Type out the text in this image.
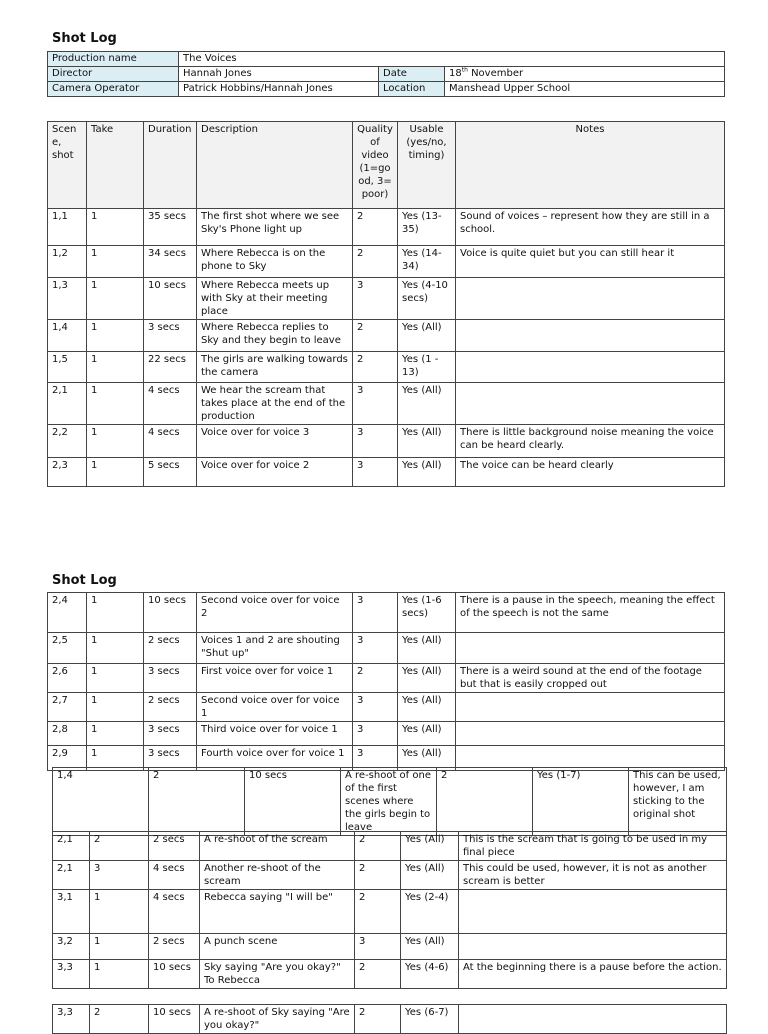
Shot Log
Production name	The Voices		
Director	Hannah Jones	Date	18th November
Camera Operator	Patrick Hobbins/Hannah Jones	Location	Manshead Upper School
Scene, shot	Take	Duration	Description	Quality of video (1=good, 3= poor)	Usable (yes/no, timing)	Notes
1,1	1	35 secs	The first shot where we see Sky's Phone light up	2	Yes (13-35)	Sound of voices – represent how they are still in a school.
1,2	1	34 secs	Where Rebecca is on the phone to Sky	2	Yes (14-34)	Voice is quite quiet but you can still hear it
1,3	1	10 secs	Where Rebecca meets up with Sky at their meeting place	3	Yes (4-10 secs)	
1,4	1	3 secs	Where Rebecca replies to Sky and they begin to leave	2	Yes (All)	
1,5	1	22 secs	The girls are walking towards the camera	2	Yes (1 - 13)	
2,1	1	4 secs	We hear the scream that takes place at the end of the production	3	Yes (All)	
2,2	1	4 secs	Voice over for voice 3	3	Yes (All)	There is little background noise meaning the voice can be heard clearly.
2,3	1	5 secs	Voice over for voice 2	3	Yes (All)	The voice can be heard clearly
Shot Log
2,4	1	10 secs	Second voice over for voice 2	3	Yes (1-6 secs)	There is a pause in the speech, meaning the effect of the speech is not the same
2,5	1	2 secs	Voices 1 and 2 are shouting "Shut up"	3	Yes (All)	
2,6	1	3 secs	First voice over for voice 1	2	Yes (All)	There is a weird sound at the end of the footage but that is easily cropped out
2,7	1	2 secs	Second voice over for voice 1	3	Yes (All)	
2,8	1	3 secs	Third voice over for voice 1	3	Yes (All)	
2,9	1	3 secs	Fourth voice over for voice 1	3	Yes (All)	
1,4	2	10 secs	A re-shoot of one of the first scenes where the girls begin to leave	2	Yes (1-7)	This can be used, however, I am sticking to the original shot
2,1	2	2 secs	A re-shoot of the scream	2	Yes (All)	This is the scream that is going to be used in my final piece
2,1	3	4 secs	Another re-shoot of the scream	2	Yes (All)	This could be used, however, it is not as another scream is better
3,1	1	4 secs	Rebecca saying "I will be"	2	Yes (2-4)	
3,2	1	2 secs	A punch scene	3	Yes (All)	
3,3	1	10 secs	Sky saying "Are you okay?" To Rebecca	2	Yes (4-6)	At the beginning there is a pause before the action.
3,3	2	10 secs	A re-shoot of Sky saying "Are you okay?"	2	Yes (6-7)	
